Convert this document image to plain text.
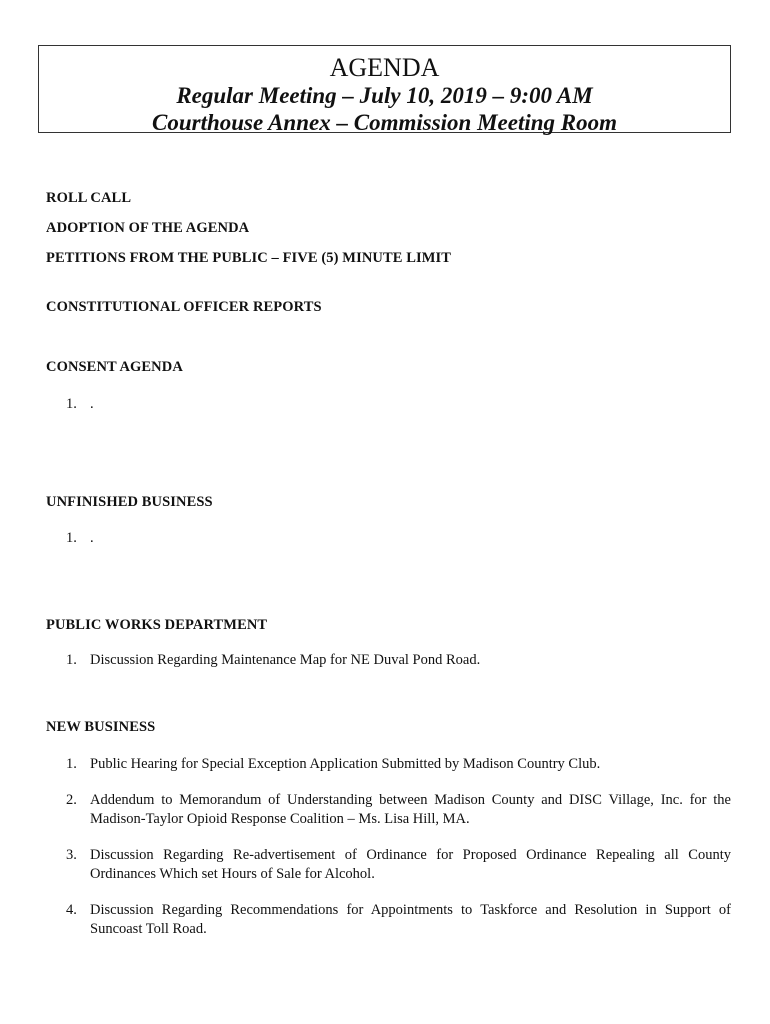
AGENDA
Regular Meeting – July 10, 2019 – 9:00 AM
Courthouse Annex – Commission Meeting Room
ROLL CALL
ADOPTION OF THE AGENDA
PETITIONS FROM THE PUBLIC – FIVE (5) MINUTE LIMIT
CONSTITUTIONAL OFFICER REPORTS
CONSENT AGENDA
1. .
UNFINISHED BUSINESS
1. .
PUBLIC WORKS DEPARTMENT
1. Discussion Regarding Maintenance Map for NE Duval Pond Road.
NEW BUSINESS
1. Public Hearing for Special Exception Application Submitted by Madison Country Club.
2. Addendum to Memorandum of Understanding between Madison County and DISC Village, Inc. for the Madison-Taylor Opioid Response Coalition – Ms. Lisa Hill, MA.
3. Discussion Regarding Re-advertisement of Ordinance for Proposed Ordinance Repealing all County Ordinances Which set Hours of Sale for Alcohol.
4. Discussion Regarding Recommendations for Appointments to Taskforce and Resolution in Support of Suncoast Toll Road.
